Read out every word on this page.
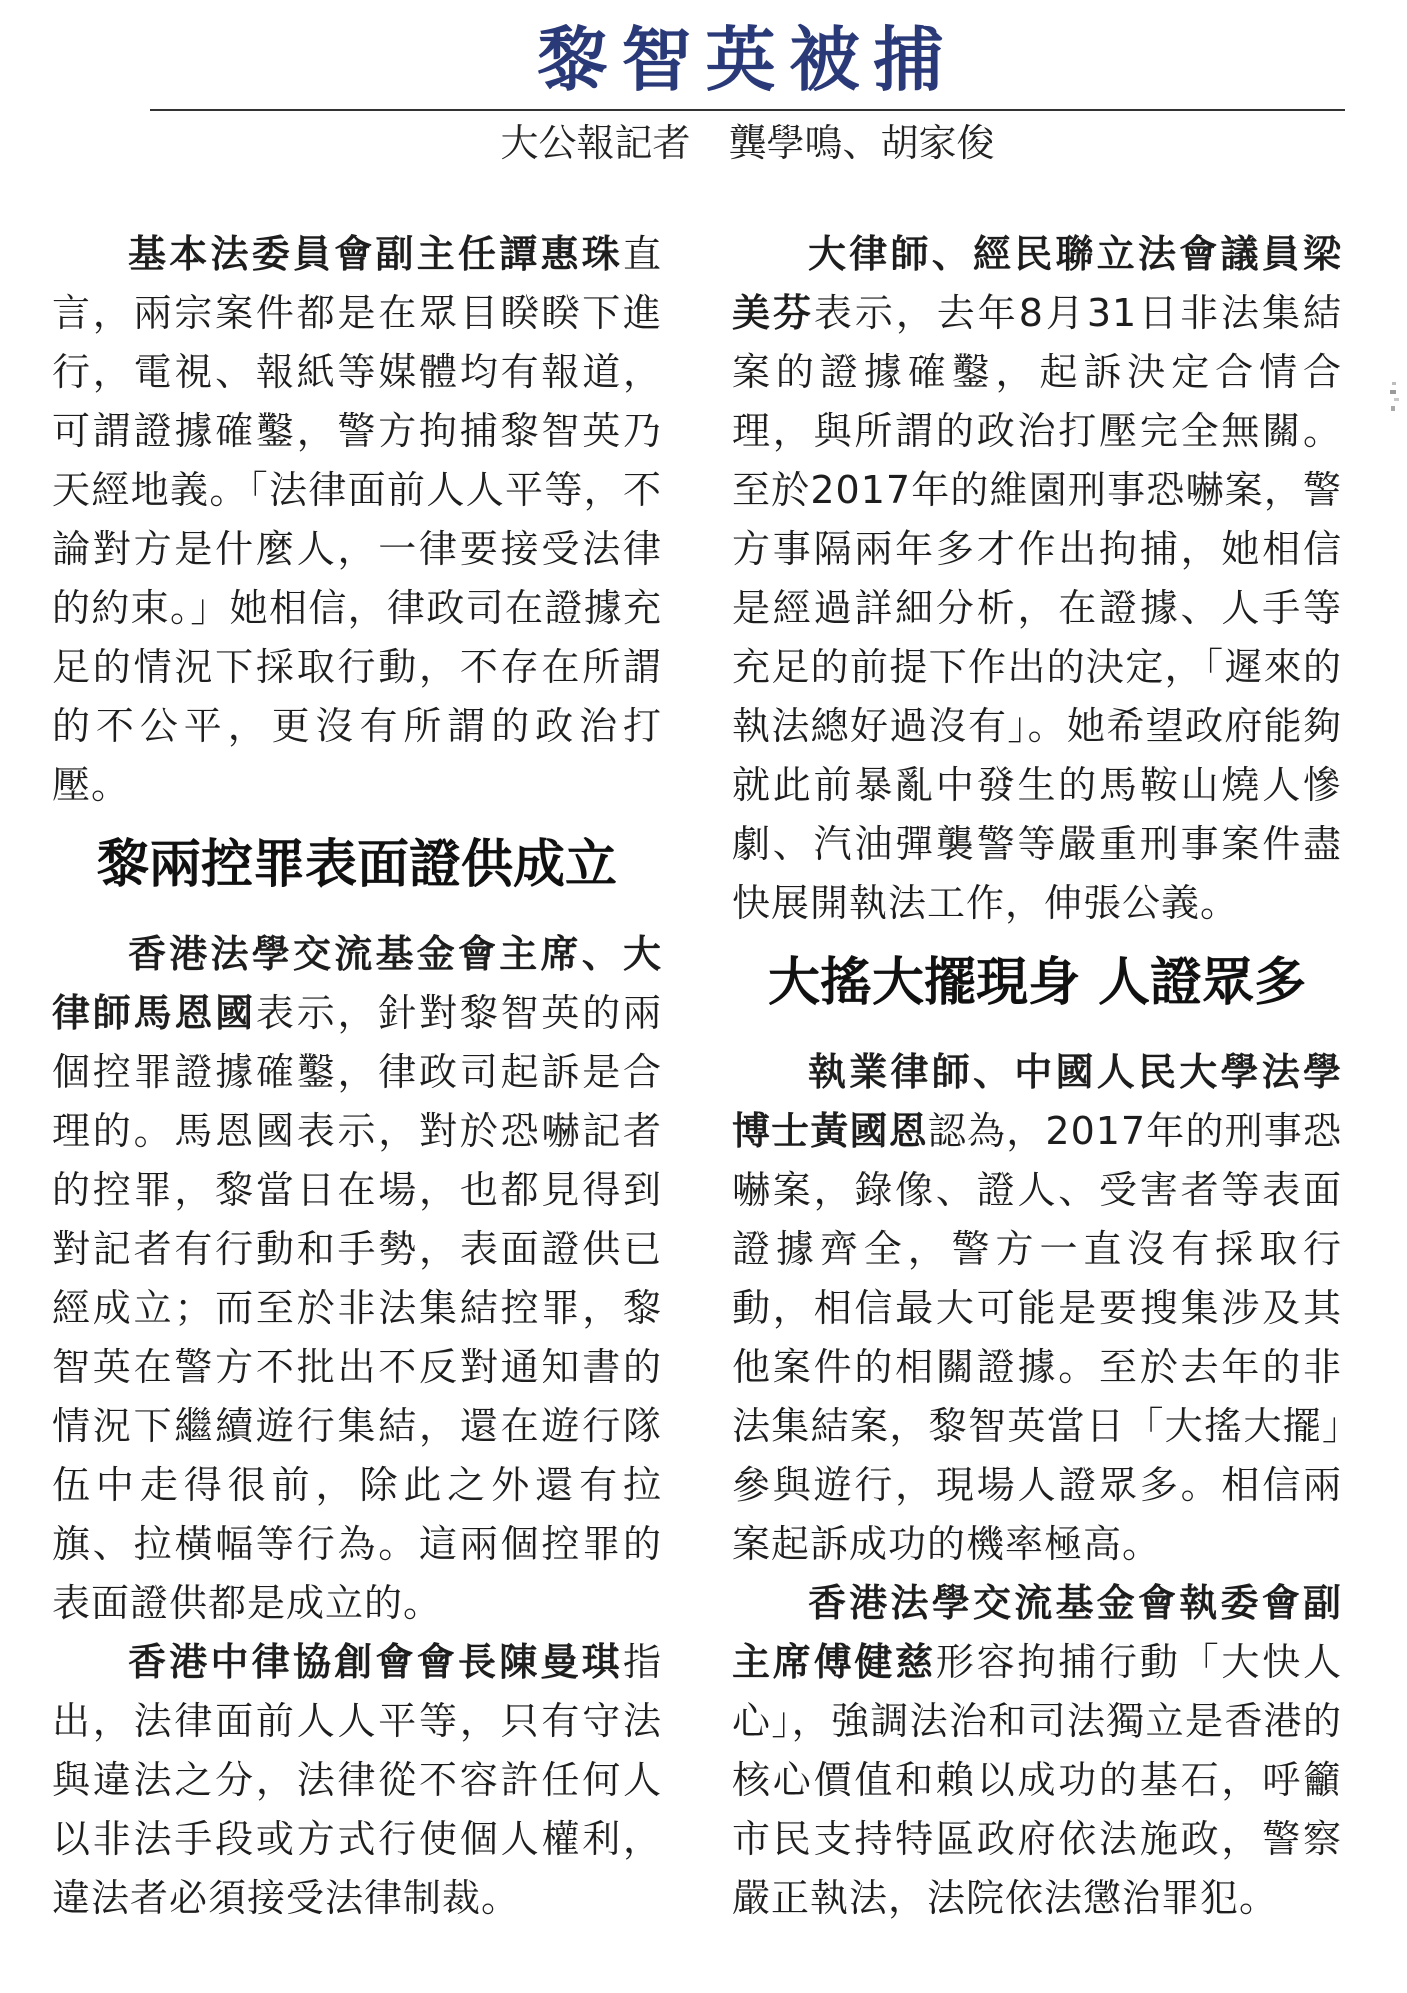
黎智英被捕
大公報記者　龔學鳴、胡家俊

基本法委員會副主任譚惠珠直言，兩宗案件都是在眾目睽睽下進行，電視、報紙等媒體均有報道，可謂證據確鑿，警方拘捕黎智英乃天經地義。「法律面前人人平等，不論對方是什麼人，一律要接受法律的約束。」她相信，律政司在證據充足的情況下採取行動，不存在所謂的不公平，更沒有所謂的政治打壓。

黎兩控罪表面證供成立

香港法學交流基金會主席、大律師馬恩國表示，針對黎智英的兩個控罪證據確鑿，律政司起訴是合理的。馬恩國表示，對於恐嚇記者的控罪，黎當日在場，也都見得到對記者有行動和手勢，表面證供已經成立；而至於非法集結控罪，黎智英在警方不批出不反對通知書的情況下繼續遊行集結，還在遊行隊伍中走得很前，除此之外還有拉旗、拉橫幅等行為。這兩個控罪的表面證供都是成立的。

香港中律協創會會長陳曼琪指出，法律面前人人平等，只有守法與違法之分，法律從不容許任何人以非法手段或方式行使個人權利，違法者必須接受法律制裁。

大律師、經民聯立法會議員梁美芬表示，去年8月31日非法集結案的證據確鑿，起訴決定合情合理，與所謂的政治打壓完全無關。至於2017年的維園刑事恐嚇案，警方事隔兩年多才作出拘捕，她相信是經過詳細分析，在證據、人手等充足的前提下作出的決定，「遲來的執法總好過沒有」。她希望政府能夠就此前暴亂中發生的馬鞍山燒人慘劇、汽油彈襲警等嚴重刑事案件盡快展開執法工作，伸張公義。

大搖大擺現身 人證眾多

執業律師、中國人民大學法學博士黃國恩認為，2017年的刑事恐嚇案，錄像、證人、受害者等表面證據齊全，警方一直沒有採取行動，相信最大可能是要搜集涉及其他案件的相關證據。至於去年的非法集結案，黎智英當日「大搖大擺」參與遊行，現場人證眾多。相信兩案起訴成功的機率極高。

香港法學交流基金會執委會副主席傅健慈形容拘捕行動「大快人心」，強調法治和司法獨立是香港的核心價值和賴以成功的基石，呼籲市民支持特區政府依法施政，警察嚴正執法，法院依法懲治罪犯。
